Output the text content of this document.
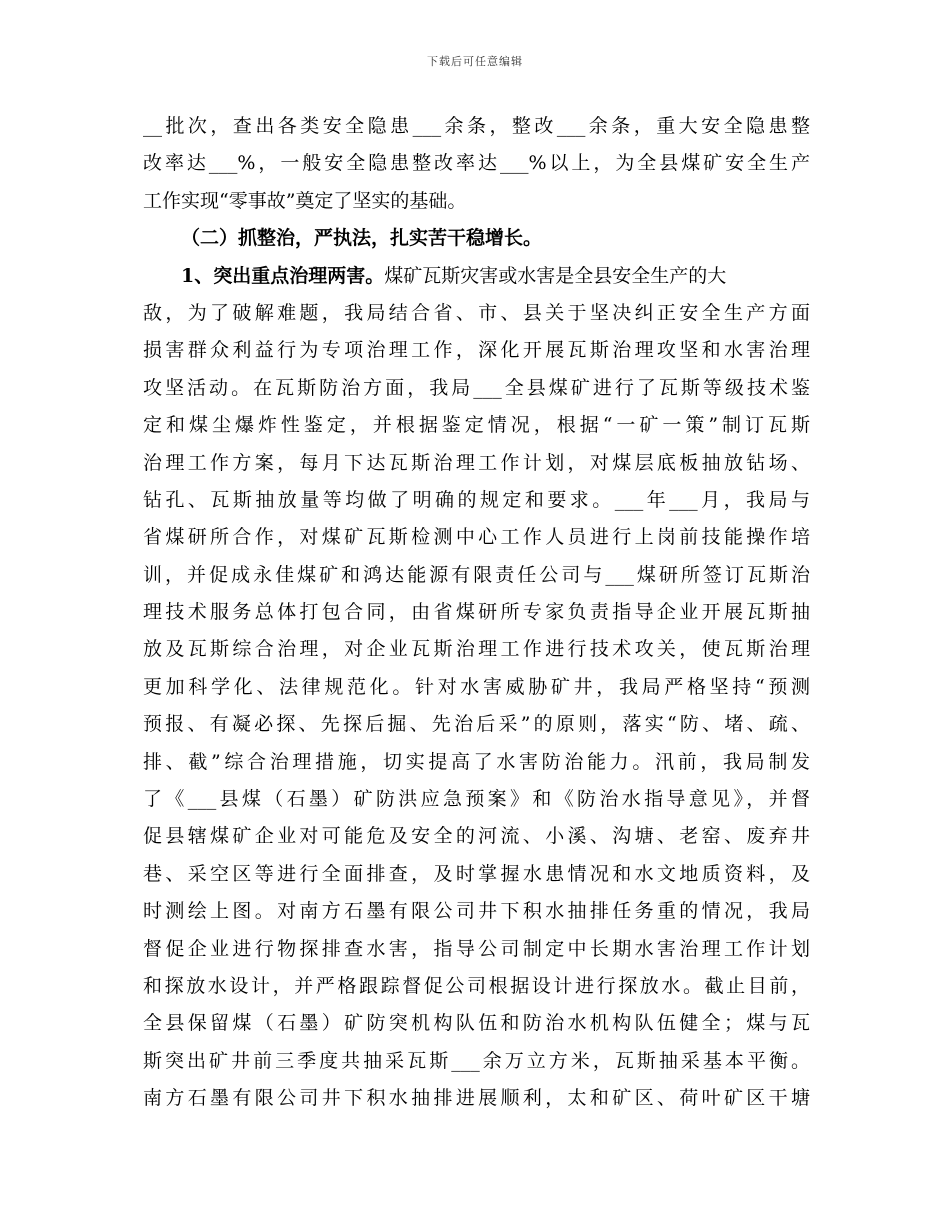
下载后可任意编辑
__批次，查出各类安全隐患___余条，整改___余条，重大安全隐患整
改率达___%，一般安全隐患整改率达___%以上，为全县煤矿安全生产
工作实现“零事故”奠定了坚实的基础。
（二）抓整治，严执法，扎实苦干稳增长。
1、突出重点治理两害。煤矿瓦斯灾害或水害是全县安全生产的大
敌，为了破解难题，我局结合省、市、县关于坚决纠正安全生产方面
损害群众利益行为专项治理工作，深化开展瓦斯治理攻坚和水害治理
攻坚活动。在瓦斯防治方面，我局___全县煤矿进行了瓦斯等级技术鉴
定和煤尘爆炸性鉴定，并根据鉴定情况，根据“一矿一策”制订瓦斯
治理工作方案，每月下达瓦斯治理工作计划，对煤层底板抽放钻场、
钻孔、瓦斯抽放量等均做了明确的规定和要求。___年___月，我局与
省煤研所合作，对煤矿瓦斯检测中心工作人员进行上岗前技能操作培
训，并促成永佳煤矿和鸿达能源有限责任公司与___煤研所签订瓦斯治
理技术服务总体打包合同，由省煤研所专家负责指导企业开展瓦斯抽
放及瓦斯综合治理，对企业瓦斯治理工作进行技术攻关，使瓦斯治理
更加科学化、法律规范化。针对水害威胁矿井，我局严格坚持“预测
预报、有凝必探、先探后掘、先治后采”的原则，落实“防、堵、疏、
排、截”综合治理措施，切实提高了水害防治能力。汛前，我局制发
了《___县煤（石墨）矿防洪应急预案》和《防治水指导意见》，并督
促县辖煤矿企业对可能危及安全的河流、小溪、沟塘、老窑、废弃井
巷、采空区等进行全面排查，及时掌握水患情况和水文地质资料，及
时测绘上图。对南方石墨有限公司井下积水抽排任务重的情况，我局
督促企业进行物探排查水害，指导公司制定中长期水害治理工作计划
和探放水设计，并严格跟踪督促公司根据设计进行探放水。截止目前，
全县保留煤（石墨）矿防突机构队伍和防治水机构队伍健全；煤与瓦
斯突出矿井前三季度共抽采瓦斯___余万立方米，瓦斯抽采基本平衡。
南方石墨有限公司井下积水抽排进展顺利，太和矿区、荷叶矿区干塘
